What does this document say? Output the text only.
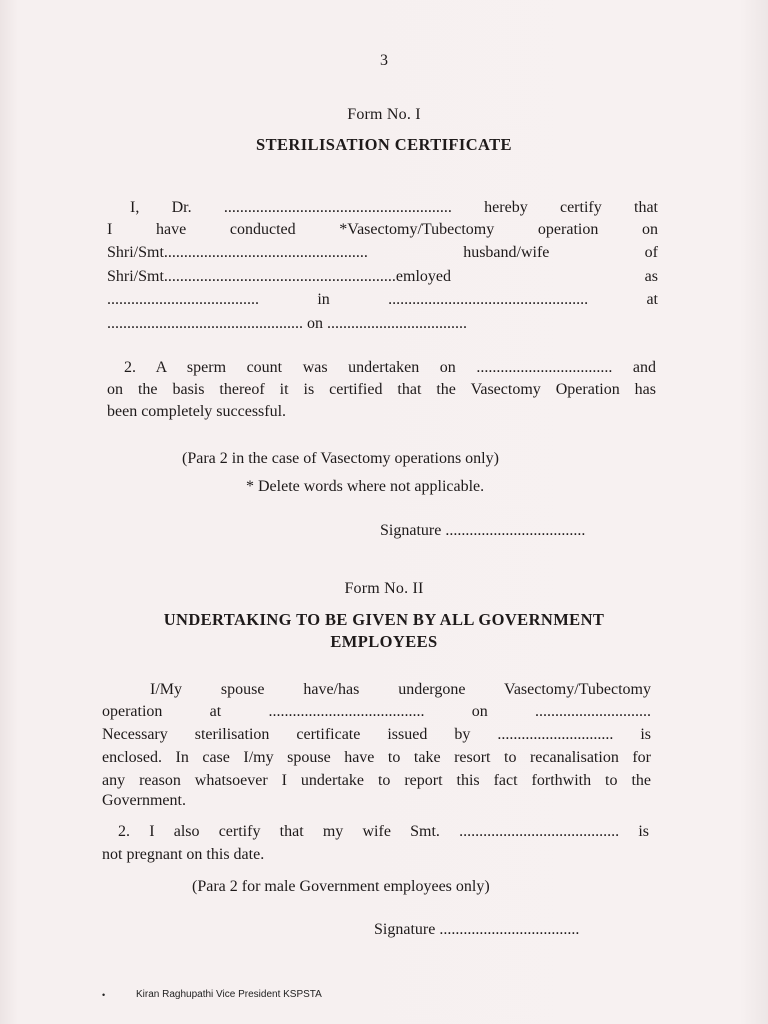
3

Form No. I

STERILISATION CERTIFICATE

I, Dr. ......................................................... hereby certify that

I have conducted *Vasectomy/Tubectomy operation on

Shri/Smt................................................... husband/wife of

Shri/Smt..........................................................emloyed as

...................................... in .................................................. at

................................................. on ...................................

2. A sperm count was undertaken on .................................. and

on the basis thereof it is certified that the Vasectomy Operation has

been completely successful.

(Para 2 in the case of Vasectomy operations only)

* Delete words where not applicable.

Signature ...................................

Form No. II

UNDERTAKING TO BE GIVEN BY ALL GOVERNMENT

EMPLOYEES

I/My spouse have/has undergone Vasectomy/Tubectomy

operation at ....................................... on .............................

Necessary sterilisation certificate issued by ............................. is

enclosed. In case I/my spouse have to take resort to recanalisation for

any reason whatsoever I undertake to report this fact forthwith to the

Government.

2. I also certify that my wife Smt. ........................................ is

not pregnant on this date.

(Para 2 for male Government employees only)

Signature ...................................

•	Kiran Raghupathi Vice President KSPSTA
